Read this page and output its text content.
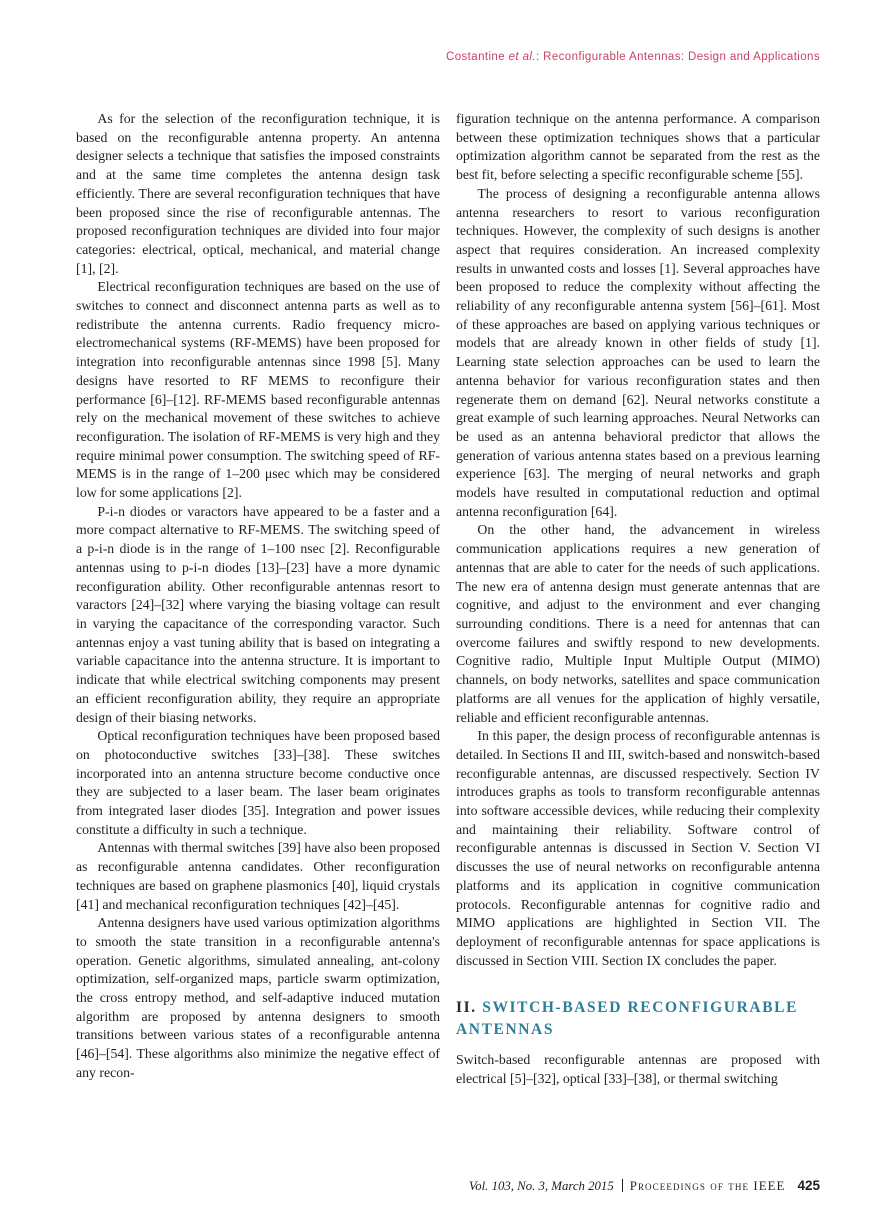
Costantine et al.: Reconfigurable Antennas: Design and Applications

As for the selection of the reconfiguration technique, it is based on the reconfigurable antenna property. An antenna designer selects a technique that satisfies the imposed constraints and at the same time completes the antenna design task efficiently. There are several reconfiguration techniques that have been proposed since the rise of reconfigurable antennas. The proposed reconfiguration techniques are divided into four major categories: electrical, optical, mechanical, and material change [1], [2].

Electrical reconfiguration techniques are based on the use of switches to connect and disconnect antenna parts as well as to redistribute the antenna currents. Radio frequency micro-electromechanical systems (RF-MEMS) have been proposed for integration into reconfigurable antennas since 1998 [5]. Many designs have resorted to RF MEMS to reconfigure their performance [6]–[12]. RF-MEMS based reconfigurable antennas rely on the mechanical movement of these switches to achieve reconfiguration. The isolation of RF-MEMS is very high and they require minimal power consumption. The switching speed of RF-MEMS is in the range of 1–200 μsec which may be considered low for some applications [2].

P-i-n diodes or varactors have appeared to be a faster and a more compact alternative to RF-MEMS. The switching speed of a p-i-n diode is in the range of 1–100 nsec [2]. Reconfigurable antennas using to p-i-n diodes [13]–[23] have a more dynamic reconfiguration ability. Other reconfigurable antennas resort to varactors [24]–[32] where varying the biasing voltage can result in varying the capacitance of the corresponding varactor. Such antennas enjoy a vast tuning ability that is based on integrating a variable capacitance into the antenna structure. It is important to indicate that while electrical switching components may present an efficient reconfiguration ability, they require an appropriate design of their biasing networks.

Optical reconfiguration techniques have been proposed based on photoconductive switches [33]–[38]. These switches incorporated into an antenna structure become conductive once they are subjected to a laser beam. The laser beam originates from integrated laser diodes [35]. Integration and power issues constitute a difficulty in such a technique.

Antennas with thermal switches [39] have also been proposed as reconfigurable antenna candidates. Other reconfiguration techniques are based on graphene plasmonics [40], liquid crystals [41] and mechanical reconfiguration techniques [42]–[45].

Antenna designers have used various optimization algorithms to smooth the state transition in a reconfigurable antenna's operation. Genetic algorithms, simulated annealing, ant-colony optimization, self-organized maps, particle swarm optimization, the cross entropy method, and self-adaptive induced mutation algorithm are proposed by antenna designers to smooth transitions between various states of a reconfigurable antenna [46]–[54]. These algorithms also minimize the negative effect of any recon-

figuration technique on the antenna performance. A comparison between these optimization techniques shows that a particular optimization algorithm cannot be separated from the rest as the best fit, before selecting a specific reconfigurable scheme [55].

The process of designing a reconfigurable antenna allows antenna researchers to resort to various reconfiguration techniques. However, the complexity of such designs is another aspect that requires consideration. An increased complexity results in unwanted costs and losses [1]. Several approaches have been proposed to reduce the complexity without affecting the reliability of any reconfigurable antenna system [56]–[61]. Most of these approaches are based on applying various techniques or models that are already known in other fields of study [1]. Learning state selection approaches can be used to learn the antenna behavior for various reconfiguration states and then regenerate them on demand [62]. Neural networks constitute a great example of such learning approaches. Neural Networks can be used as an antenna behavioral predictor that allows the generation of various antenna states based on a previous learning experience [63]. The merging of neural networks and graph models have resulted in computational reduction and optimal antenna reconfiguration [64].

On the other hand, the advancement in wireless communication applications requires a new generation of antennas that are able to cater for the needs of such applications. The new era of antenna design must generate antennas that are cognitive, and adjust to the environment and ever changing surrounding conditions. There is a need for antennas that can overcome failures and swiftly respond to new developments. Cognitive radio, Multiple Input Multiple Output (MIMO) channels, on body networks, satellites and space communication platforms are all venues for the application of highly versatile, reliable and efficient reconfigurable antennas.

In this paper, the design process of reconfigurable antennas is detailed. In Sections II and III, switch-based and nonswitch-based reconfigurable antennas, are discussed respectively. Section IV introduces graphs as tools to transform reconfigurable antennas into software accessible devices, while reducing their complexity and maintaining their reliability. Software control of reconfigurable antennas is discussed in Section V. Section VI discusses the use of neural networks on reconfigurable antenna platforms and its application in cognitive communication protocols. Reconfigurable antennas for cognitive radio and MIMO applications are highlighted in Section VII. The deployment of reconfigurable antennas for space applications is discussed in Section VIII. Section IX concludes the paper.

II. SWITCH-BASED RECONFIGURABLE ANTENNAS

Switch-based reconfigurable antennas are proposed with electrical [5]–[32], optical [33]–[38], or thermal switching

Vol. 103, No. 3, March 2015 Proceedings of the IEEE 425
